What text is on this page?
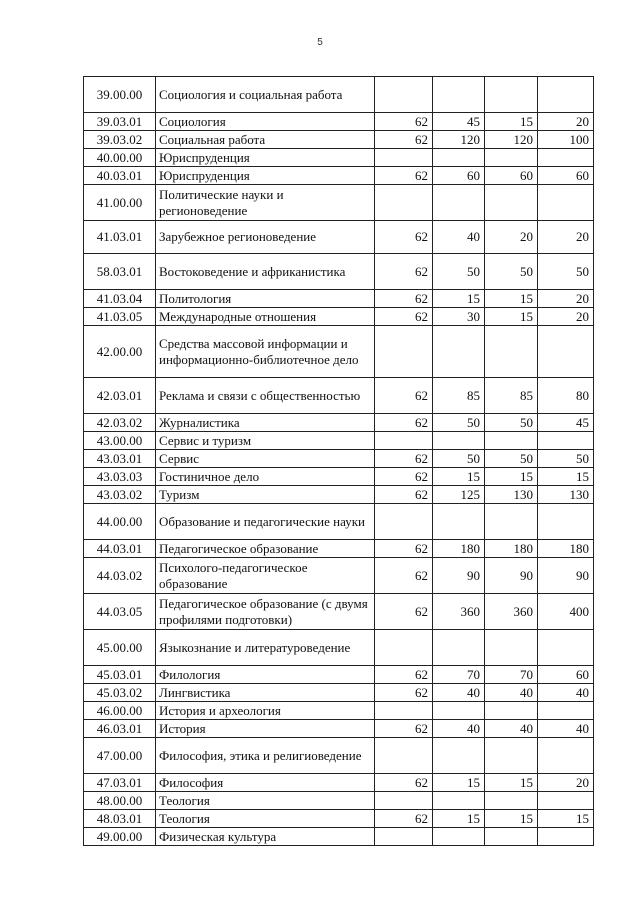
5
39.00.00	Социология и социальная работа				
39.03.01	Социология	62	45	15	20
39.03.02	Социальная работа	62	120	120	100
40.00.00	Юриспруденция				
40.03.01	Юриспруденция	62	60	60	60
41.00.00	Политические науки и регионоведение				
41.03.01	Зарубежное регионоведение	62	40	20	20
58.03.01	Востоковедение и африканистика	62	50	50	50
41.03.04	Политология	62	15	15	20
41.03.05	Международные отношения	62	30	15	20
42.00.00	Средства массовой информации и информационно-библиотечное дело				
42.03.01	Реклама и связи с общественностью	62	85	85	80
42.03.02	Журналистика	62	50	50	45
43.00.00	Сервис и туризм				
43.03.01	Сервис	62	50	50	50
43.03.03	Гостиничное дело	62	15	15	15
43.03.02	Туризм	62	125	130	130
44.00.00	Образование и педагогические науки				
44.03.01	Педагогическое образование	62	180	180	180
44.03.02	Психолого-педагогическое образование	62	90	90	90
44.03.05	Педагогическое образование (с двумя профилями подготовки)	62	360	360	400
45.00.00	Языкознание и литературоведение				
45.03.01	Филология	62	70	70	60
45.03.02	Лингвистика	62	40	40	40
46.00.00	История и археология				
46.03.01	История	62	40	40	40
47.00.00	Философия, этика и религиоведение				
47.03.01	Философия	62	15	15	20
48.00.00	Теология				
48.03.01	Теология	62	15	15	15
49.00.00	Физическая культура				
